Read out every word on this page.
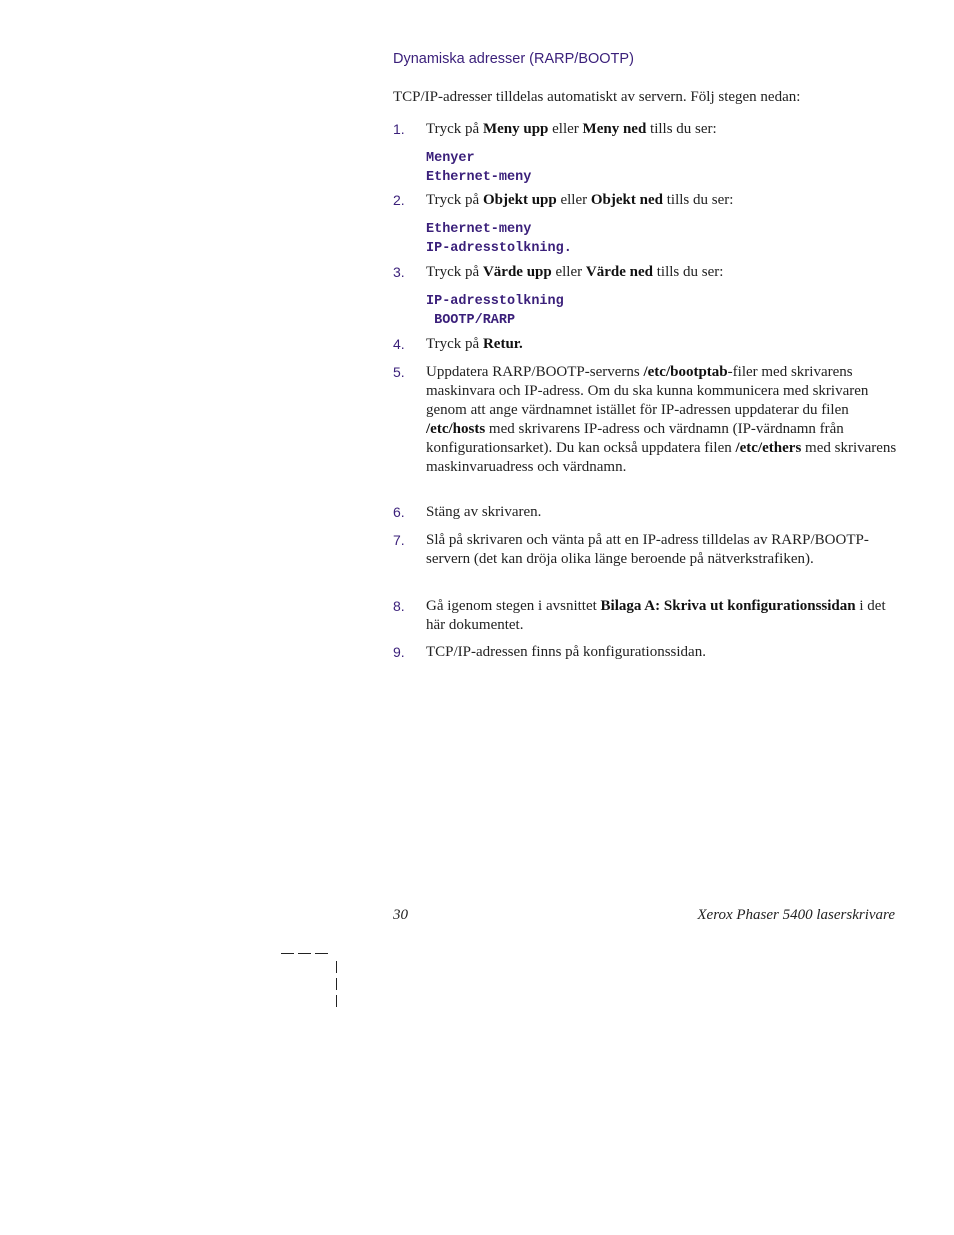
Dynamiska adresser (RARP/BOOTP)
TCP/IP-adresser tilldelas automatiskt av servern. Följ stegen nedan:
1. Tryck på Meny upp eller Meny ned tills du ser:
Menyer
Ethernet-meny
2. Tryck på Objekt upp eller Objekt ned tills du ser:
Ethernet-meny
IP-adresstolkning.
3. Tryck på Värde upp eller Värde ned tills du ser:
IP-adresstolkning
BOOTP/RARP
4. Tryck på Retur.
5. Uppdatera RARP/BOOTP-serverns /etc/bootptab-filer med skrivarens maskinvara och IP-adress. Om du ska kunna kommunicera med skrivaren genom att ange värdnamnet istället för IP-adressen uppdaterar du filen /etc/hosts med skrivarens IP-adress och värdnamn (IP-värdnamn från konfigurationsarket). Du kan också uppdatera filen /etc/ethers med skrivarens maskinvaruadress och värdnamn.
6. Stäng av skrivaren.
7. Slå på skrivaren och vänta på att en IP-adress tilldelas av RARP/BOOTP-servern (det kan dröja olika länge beroende på nätverkstrafiken).
8. Gå igenom stegen i avsnittet Bilaga A: Skriva ut konfigurationssidan i det här dokumentet.
9. TCP/IP-adressen finns på konfigurationssidan.
30	Xerox Phaser 5400 laserskrivare
